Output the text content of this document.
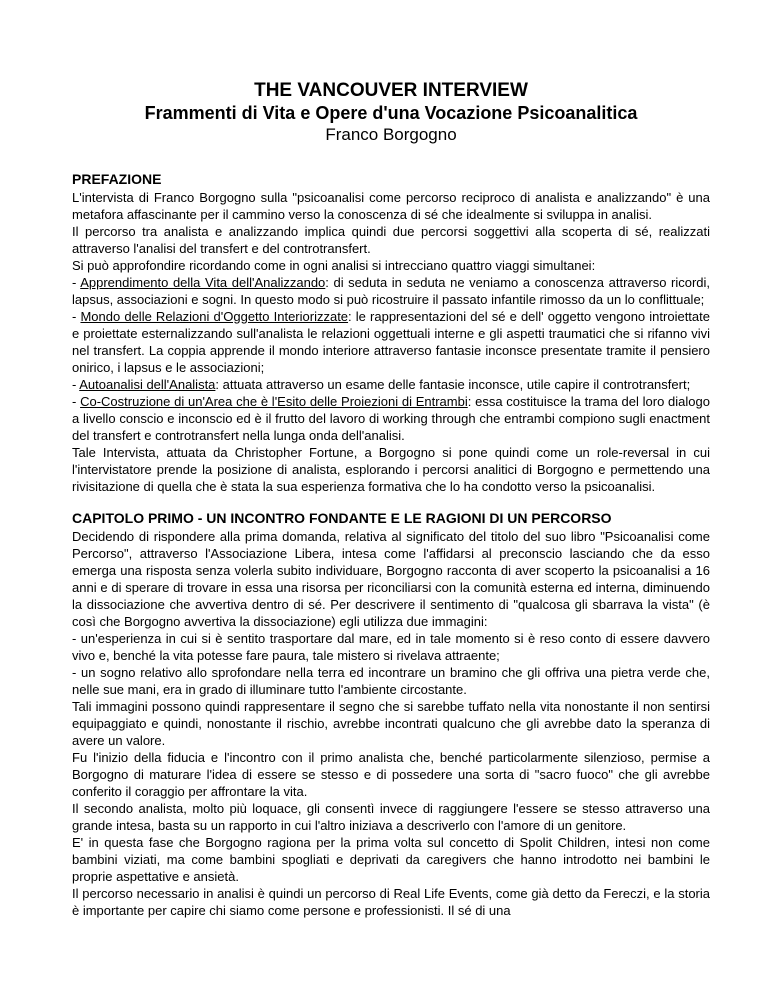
THE VANCOUVER INTERVIEW
Frammenti di Vita e Opere d'una Vocazione Psicoanalitica
Franco Borgogno
PREFAZIONE

L'intervista di Franco Borgogno sulla "psicoanalisi come percorso reciproco di analista e analizzando" è una metafora affascinante per il cammino verso la conoscenza di sé che idealmente si sviluppa in analisi.

Il percorso tra analista e analizzando implica quindi due percorsi soggettivi alla scoperta di sé, realizzati attraverso l'analisi del transfert e del controtransfert.

Si può approfondire ricordando come in ogni analisi si intrecciano quattro viaggi simultanei:

- Apprendimento della Vita dell'Analizzando: di seduta in seduta ne veniamo a conoscenza attraverso ricordi, lapsus, associazioni e sogni. In questo modo si può ricostruire il passato infantile rimosso da un lo conflittuale;

- Mondo delle Relazioni d'Oggetto Interiorizzate: le rappresentazioni del sé e dell' oggetto vengono introiettate e proiettate esternalizzando sull'analista le relazioni oggettuali interne e gli aspetti traumatici che si rifanno vivi nel transfert. La coppia apprende il mondo interiore attraverso fantasie inconsce presentate tramite il pensiero onirico, i lapsus e le associazioni;

- Autoanalisi dell'Analista: attuata attraverso un esame delle fantasie inconsce, utile capire il controtransfert;

- Co-Costruzione di un'Area che è l'Esito delle Proiezioni di Entrambi: essa costituisce la trama del loro dialogo a livello conscio e inconscio ed è il frutto del lavoro di working through che entrambi compiono sugli enactment del transfert e controtransfert nella lunga onda dell'analisi.

Tale Intervista, attuata da Christopher Fortune, a Borgogno si pone quindi come un role-reversal in cui l'intervistatore prende la posizione di analista, esplorando i percorsi analitici di Borgogno e permettendo una rivisitazione di quella che è stata la sua esperienza formativa che lo ha condotto verso la psicoanalisi.

CAPITOLO PRIMO - UN INCONTRO FONDANTE E LE RAGIONI DI UN PERCORSO

Decidendo di rispondere alla prima domanda, relativa al significato del titolo del suo libro "Psicoanalisi come Percorso", attraverso l'Associazione Libera, intesa come l'affidarsi al preconscio lasciando che da esso emerga una risposta senza volerla subito individuare, Borgogno racconta di aver scoperto la psicoanalisi a 16 anni e di sperare di trovare in essa una risorsa per riconciliarsi con la comunità esterna ed interna, diminuendo la dissociazione che avvertiva dentro di sé. Per descrivere il sentimento di "qualcosa gli sbarrava la vista" (è così che Borgogno avvertiva la dissociazione) egli utilizza due immagini:

- un'esperienza in cui si è sentito trasportare dal mare, ed in tale momento si è reso conto di essere davvero vivo e, benché la vita potesse fare paura, tale mistero si rivelava attraente;

- un sogno relativo allo sprofondare nella terra ed incontrare un bramino che gli offriva una pietra verde che, nelle sue mani, era in grado di illuminare tutto l'ambiente circostante.

Tali immagini possono quindi rappresentare il segno che si sarebbe tuffato nella vita nonostante il non sentirsi equipaggiato e quindi, nonostante il rischio, avrebbe incontrati qualcuno che gli avrebbe dato la speranza di avere un valore.

Fu l'inizio della fiducia e l'incontro con il primo analista che, benché particolarmente silenzioso, permise a Borgogno di maturare l'idea di essere se stesso e di possedere una sorta di "sacro fuoco" che gli avrebbe conferito il coraggio per affrontare la vita.

Il secondo analista, molto più loquace, gli consentì invece di raggiungere l'essere se stesso attraverso una grande intesa, basta su un rapporto in cui l'altro iniziava a descriverlo con l'amore di un genitore.

E' in questa fase che Borgogno ragiona per la prima volta sul concetto di Spolit Children, intesi non come bambini viziati, ma come bambini spogliati e deprivati da caregivers che hanno introdotto nei bambini le proprie aspettative e ansietà.

Il percorso necessario in analisi è quindi un percorso di Real Life Events, come già detto da Fereczi, e la storia è importante per capire chi siamo come persone e professionisti. Il sé di una
